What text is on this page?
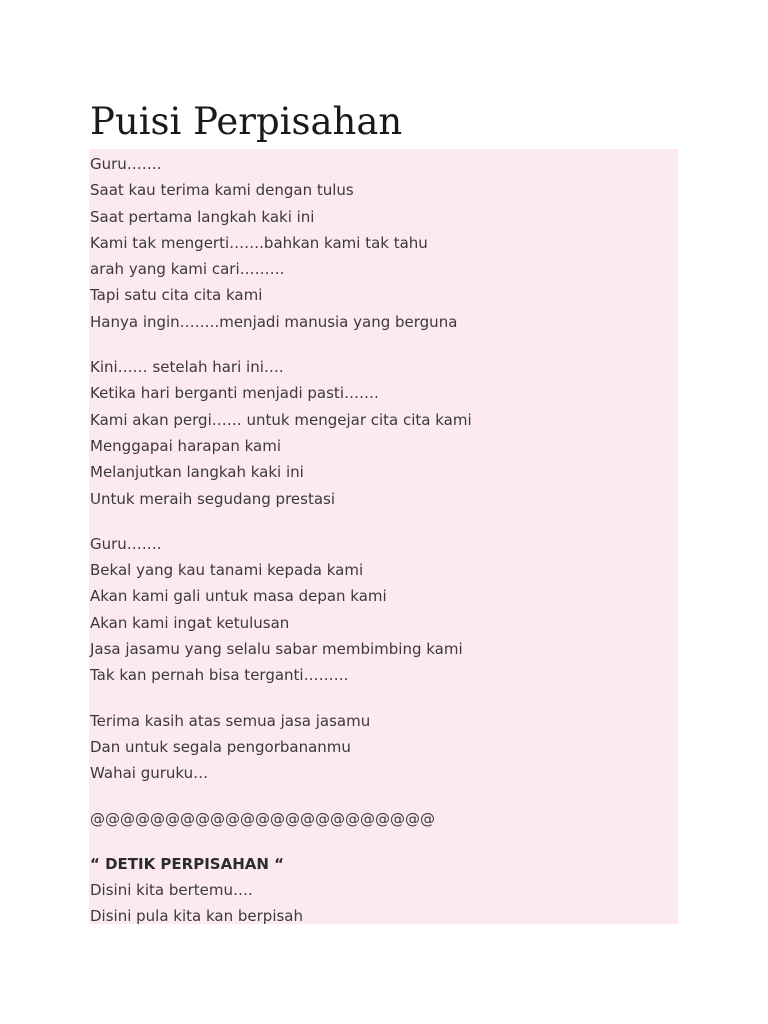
Puisi Perpisahan
Guru…….
Saat kau terima kami dengan tulus
Saat pertama langkah kaki ini
Kami tak mengerti…….bahkan kami tak tahu
arah yang kami cari………
Tapi satu cita cita kami
Hanya ingin……..menjadi manusia yang berguna
Kini…… setelah hari ini….
Ketika hari berganti menjadi pasti…….
Kami akan pergi…… untuk mengejar cita cita kami
Menggapai harapan kami
Melanjutkan langkah kaki ini
Untuk meraih segudang prestasi
Guru…….
Bekal yang kau tanami kepada kami
Akan kami gali untuk masa depan kami
Akan kami ingat ketulusan
Jasa jasamu yang selalu sabar membimbing kami
Tak kan pernah bisa terganti………
Terima kasih atas semua jasa jasamu
Dan untuk segala pengorbananmu
Wahai guruku…
@@@@@@@@@@@@@@@@@@@@@@@
“ DETIK PERPISAHAN “
Disini kita bertemu….
Disini pula kita kan berpisah
